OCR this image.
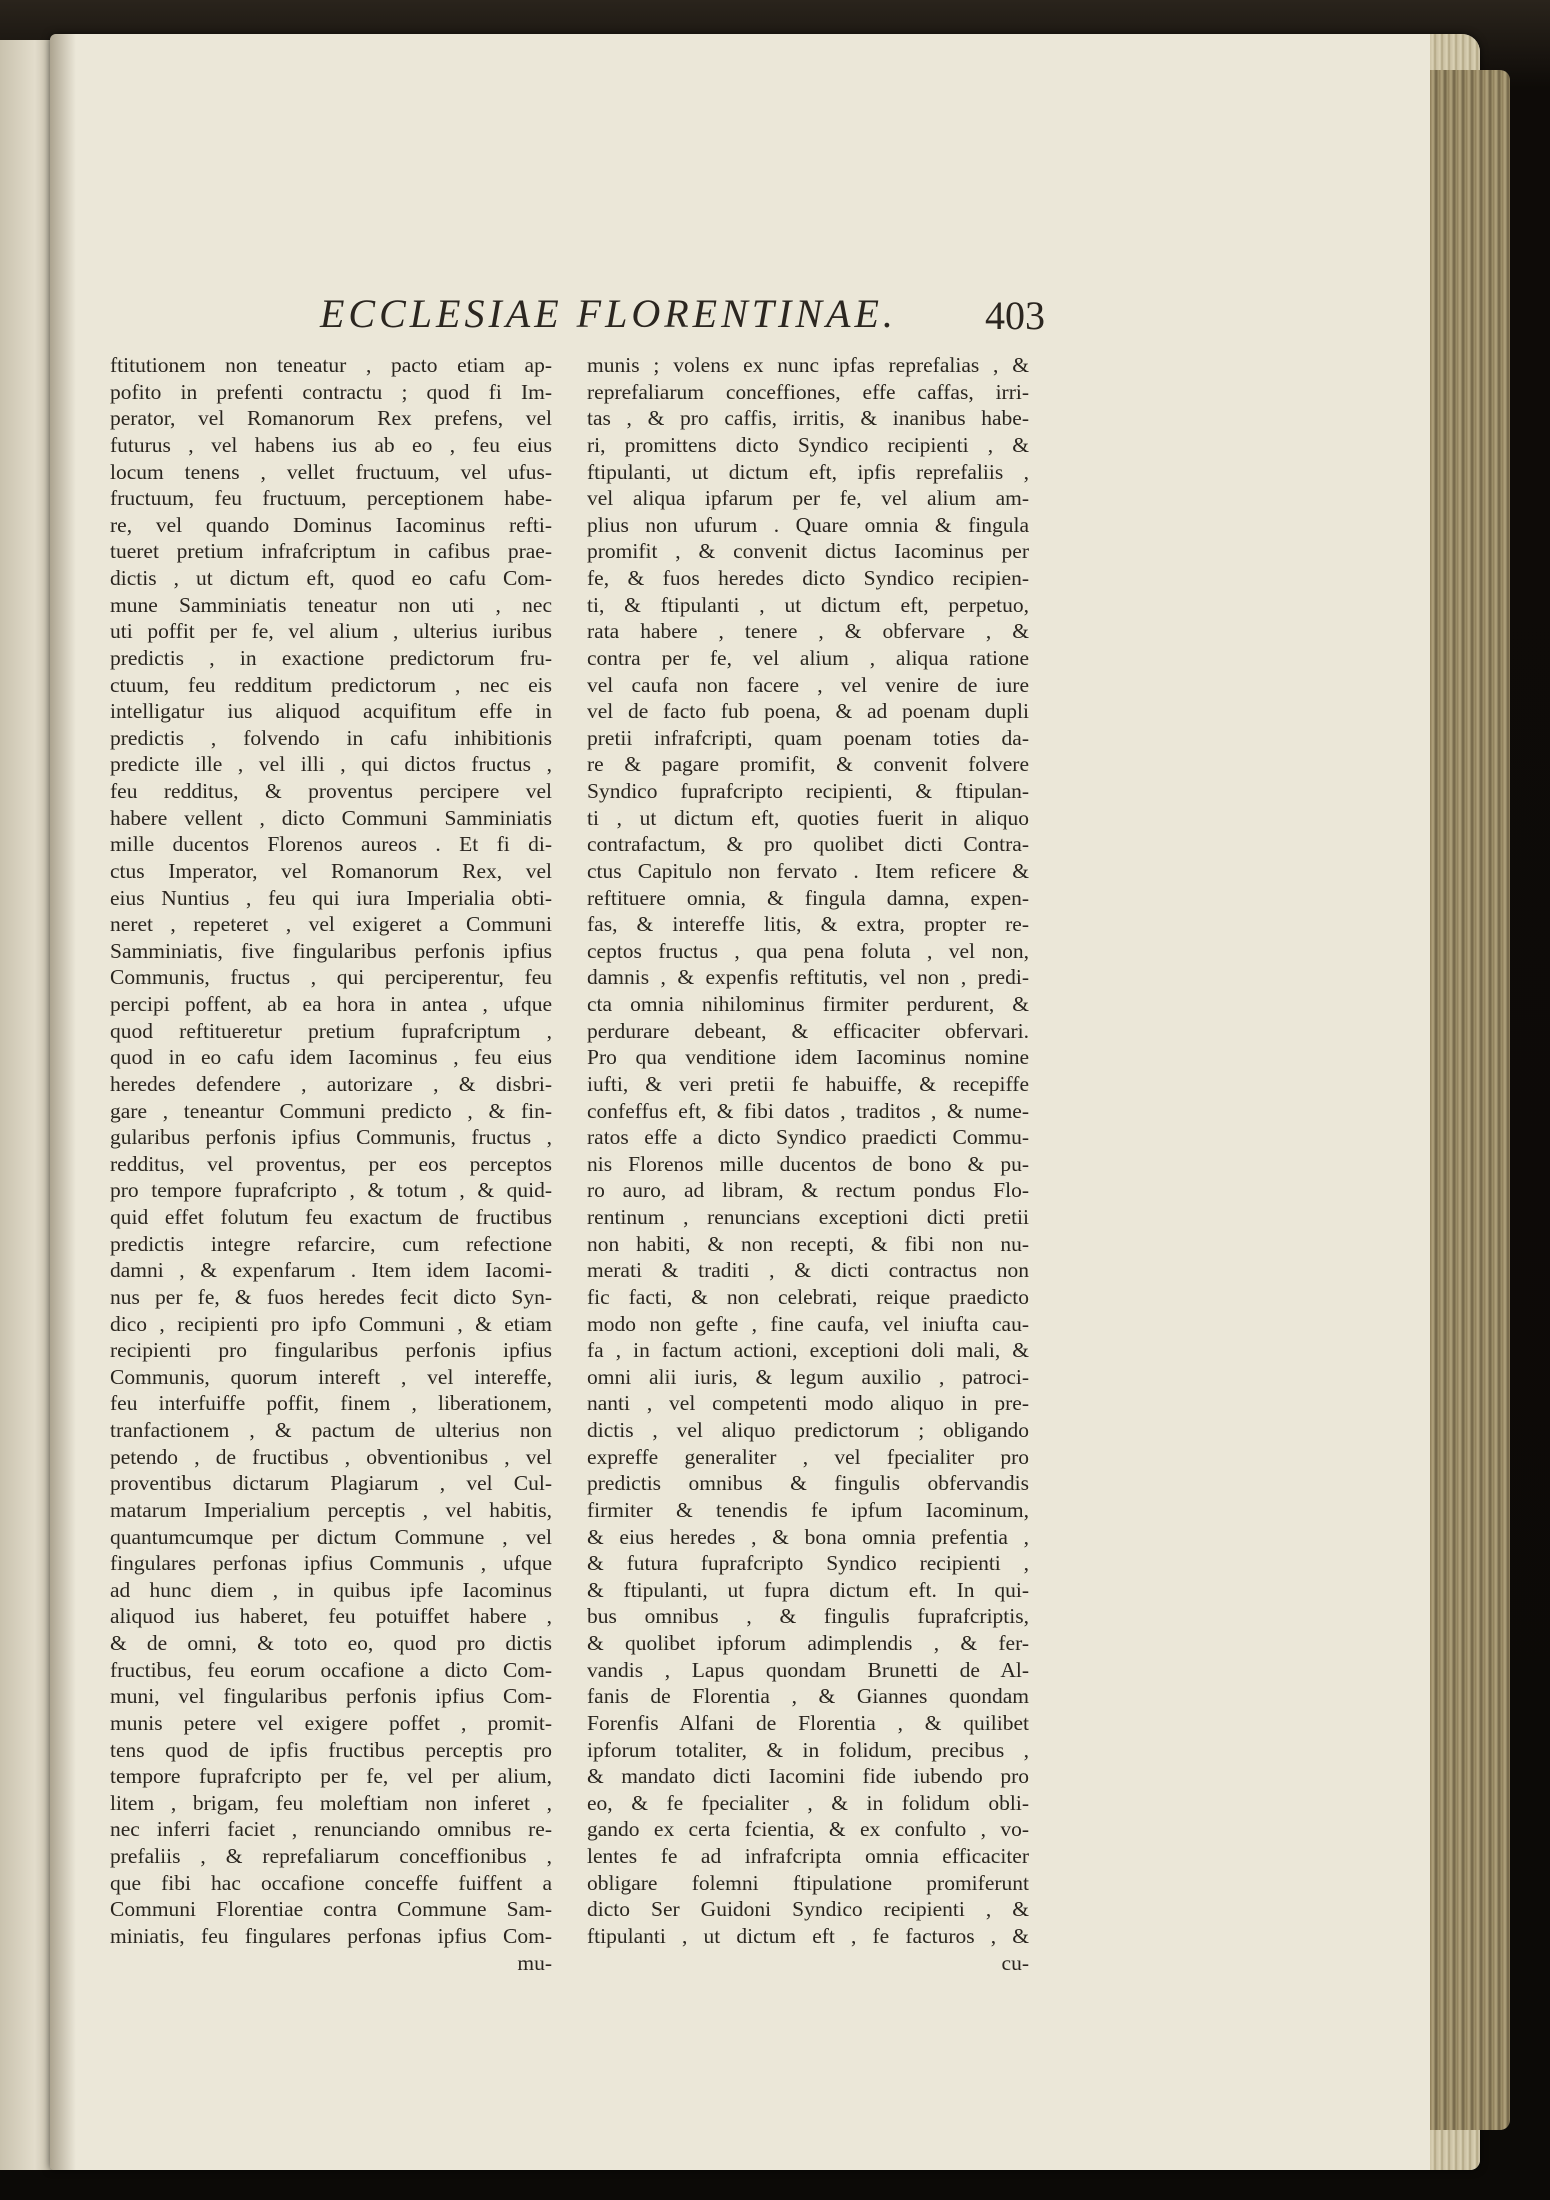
ECCLESIAE FLORENTINAE.	403
ftitutionem non teneatur , pacto etiam ap-
pofito in prefenti contractu ; quod fi Im-
perator, vel Romanorum Rex prefens, vel
futurus , vel habens ius ab eo , feu eius
locum tenens , vellet fructuum, vel ufus-
fructuum, feu fructuum, perceptionem habe-
re, vel quando Dominus Iacominus refti-
tueret pretium infrafcriptum in cafibus prae-
dictis , ut dictum eft, quod eo cafu Com-
mune Samminiatis teneatur non uti , nec
uti poffit per fe, vel alium , ulterius iuribus
predictis , in exactione predictorum fru-
ctuum, feu redditum predictorum , nec eis
intelligatur ius aliquod acquifitum effe in
predictis , folvendo in cafu inhibitionis
predicte ille , vel illi , qui dictos fructus ,
feu redditus, & proventus percipere vel
habere vellent , dicto Communi Samminiatis
mille ducentos Florenos aureos . Et fi di-
ctus Imperator, vel Romanorum Rex, vel
eius Nuntius , feu qui iura Imperialia obti-
neret , repeteret , vel exigeret a Communi
Samminiatis, five fingularibus perfonis ipfius
Communis, fructus , qui perciperentur, feu
percipi poffent, ab ea hora in antea , ufque
quod reftitueretur pretium fuprafcriptum ,
quod in eo cafu idem Iacominus , feu eius
heredes defendere , autorizare , & disbri-
gare , teneantur Communi predicto , & fin-
gularibus perfonis ipfius Communis, fructus ,
redditus, vel proventus, per eos perceptos
pro tempore fuprafcripto , & totum , & quid-
quid effet folutum feu exactum de fructibus
predictis integre refarcire, cum refectione
damni , & expenfarum . Item idem Iacomi-
nus per fe, & fuos heredes fecit dicto Syn-
dico , recipienti pro ipfo Communi , & etiam
recipienti pro fingularibus perfonis ipfius
Communis, quorum intereft , vel intereffe,
feu interfuiffe poffit, finem , liberationem,
tranfactionem , & pactum de ulterius non
petendo , de fructibus , obventionibus , vel
proventibus dictarum Plagiarum , vel Cul-
matarum Imperialium perceptis , vel habitis,
quantumcumque per dictum Commune , vel
fingulares perfonas ipfius Communis , ufque
ad hunc diem , in quibus ipfe Iacominus
aliquod ius haberet, feu potuiffet habere ,
& de omni, & toto eo, quod pro dictis
fructibus, feu eorum occafione a dicto Com-
muni, vel fingularibus perfonis ipfius Com-
munis petere vel exigere poffet , promit-
tens quod de ipfis fructibus perceptis pro
tempore fuprafcripto per fe, vel per alium,
litem , brigam, feu moleftiam non inferet ,
nec inferri faciet , renunciando omnibus re-
prefaliis , & reprefaliarum conceffionibus ,
que fibi hac occafione conceffe fuiffent a
Communi Florentiae contra Commune Sam-
miniatis, feu fingulares perfonas ipfius Com-
mu-
munis ; volens ex nunc ipfas reprefalias , &
reprefaliarum conceffiones, effe caffas, irri-
tas , & pro caffis, irritis, & inanibus habe-
ri, promittens dicto Syndico recipienti , &
ftipulanti, ut dictum eft, ipfis reprefaliis ,
vel aliqua ipfarum per fe, vel alium am-
plius non ufurum . Quare omnia & fingula
promifit , & convenit dictus Iacominus per
fe, & fuos heredes dicto Syndico recipien-
ti, & ftipulanti , ut dictum eft, perpetuo,
rata habere , tenere , & obfervare , &
contra per fe, vel alium , aliqua ratione
vel caufa non facere , vel venire de iure
vel de facto fub poena, & ad poenam dupli
pretii infrafcripti, quam poenam toties da-
re & pagare promifit, & convenit folvere
Syndico fuprafcripto recipienti, & ftipulan-
ti , ut dictum eft, quoties fuerit in aliquo
contrafactum, & pro quolibet dicti Contra-
ctus Capitulo non fervato . Item reficere &
reftituere omnia, & fingula damna, expen-
fas, & intereffe litis, & extra, propter re-
ceptos fructus , qua pena foluta , vel non,
damnis , & expenfis reftitutis, vel non , predi-
cta omnia nihilominus firmiter perdurent, &
perdurare debeant, & efficaciter obfervari.
Pro qua venditione idem Iacominus nomine
iufti, & veri pretii fe habuiffe, & recepiffe
confeffus eft, & fibi datos , traditos , & nume-
ratos effe a dicto Syndico praedicti Commu-
nis Florenos mille ducentos de bono & pu-
ro auro, ad libram, & rectum pondus Flo-
rentinum , renuncians exceptioni dicti pretii
non habiti, & non recepti, & fibi non nu-
merati & traditi , & dicti contractus non
fic facti, & non celebrati, reique praedicto
modo non gefte , fine caufa, vel iniufta cau-
fa , in factum actioni, exceptioni doli mali, &
omni alii iuris, & legum auxilio , patroci-
nanti , vel competenti modo aliquo in pre-
dictis , vel aliquo predictorum ; obligando
expreffe generaliter , vel fpecialiter pro
predictis omnibus & fingulis obfervandis
firmiter & tenendis fe ipfum Iacominum,
& eius heredes , & bona omnia prefentia ,
& futura fuprafcripto Syndico recipienti ,
& ftipulanti, ut fupra dictum eft. In qui-
bus omnibus , & fingulis fuprafcriptis,
& quolibet ipforum adimplendis , & fer-
vandis , Lapus quondam Brunetti de Al-
fanis de Florentia , & Giannes quondam
Forenfis Alfani de Florentia , & quilibet
ipforum totaliter, & in folidum, precibus ,
& mandato dicti Iacomini fide iubendo pro
eo, & fe fpecialiter , & in folidum obli-
gando ex certa fcientia, & ex confulto , vo-
lentes fe ad infrafcripta omnia efficaciter
obligare folemni ftipulatione promiferunt
dicto Ser Guidoni Syndico recipienti , &
ftipulanti , ut dictum eft , fe facturos , &
cu-
